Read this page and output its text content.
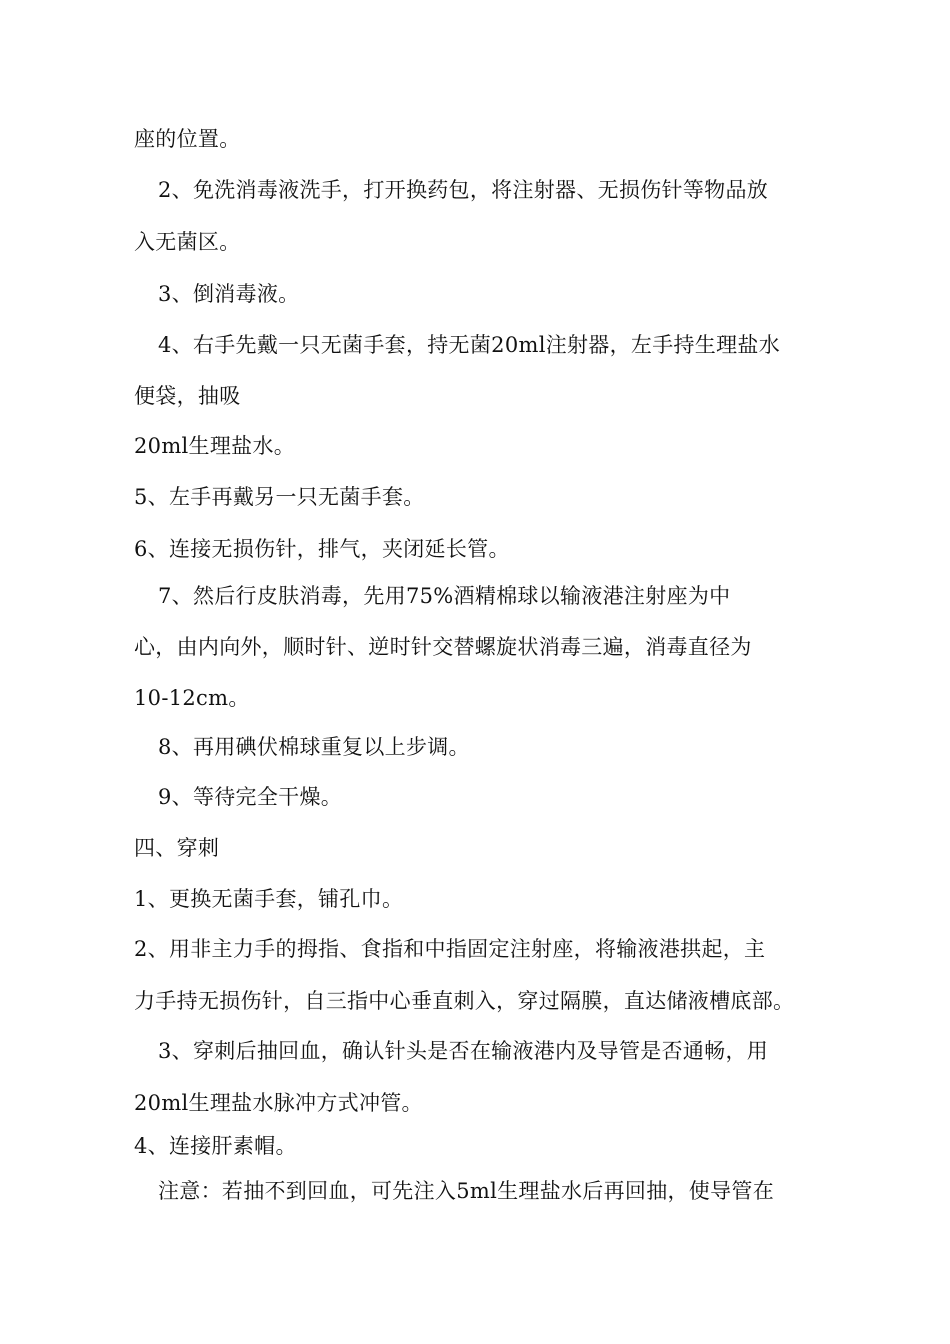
座的位置。
2、免洗消毒液洗手，打开换药包，将注射器、无损伤针等物品放
入无菌区。
3、倒消毒液。
4、右手先戴一只无菌手套，持无菌20ml注射器，左手持生理盐水
便袋，抽吸
20ml生理盐水。
5、左手再戴另一只无菌手套。
6、连接无损伤针，排气，夹闭延长管。
7、然后行皮肤消毒，先用75%酒精棉球以输液港注射座为中
心，由内向外，顺时针、逆时针交替螺旋状消毒三遍，消毒直径为
10-12cm。
8、再用碘伏棉球重复以上步调。
9、等待完全干燥。
四、穿刺
1、更换无菌手套，铺孔巾。
2、用非主力手的拇指、食指和中指固定注射座，将输液港拱起，主
力手持无损伤针，自三指中心垂直刺入，穿过隔膜，直达储液槽底部。
3、穿刺后抽回血，确认针头是否在输液港内及导管是否通畅，用
20ml生理盐水脉冲方式冲管。
4、连接肝素帽。
注意：若抽不到回血，可先注入5ml生理盐水后再回抽，使导管在
